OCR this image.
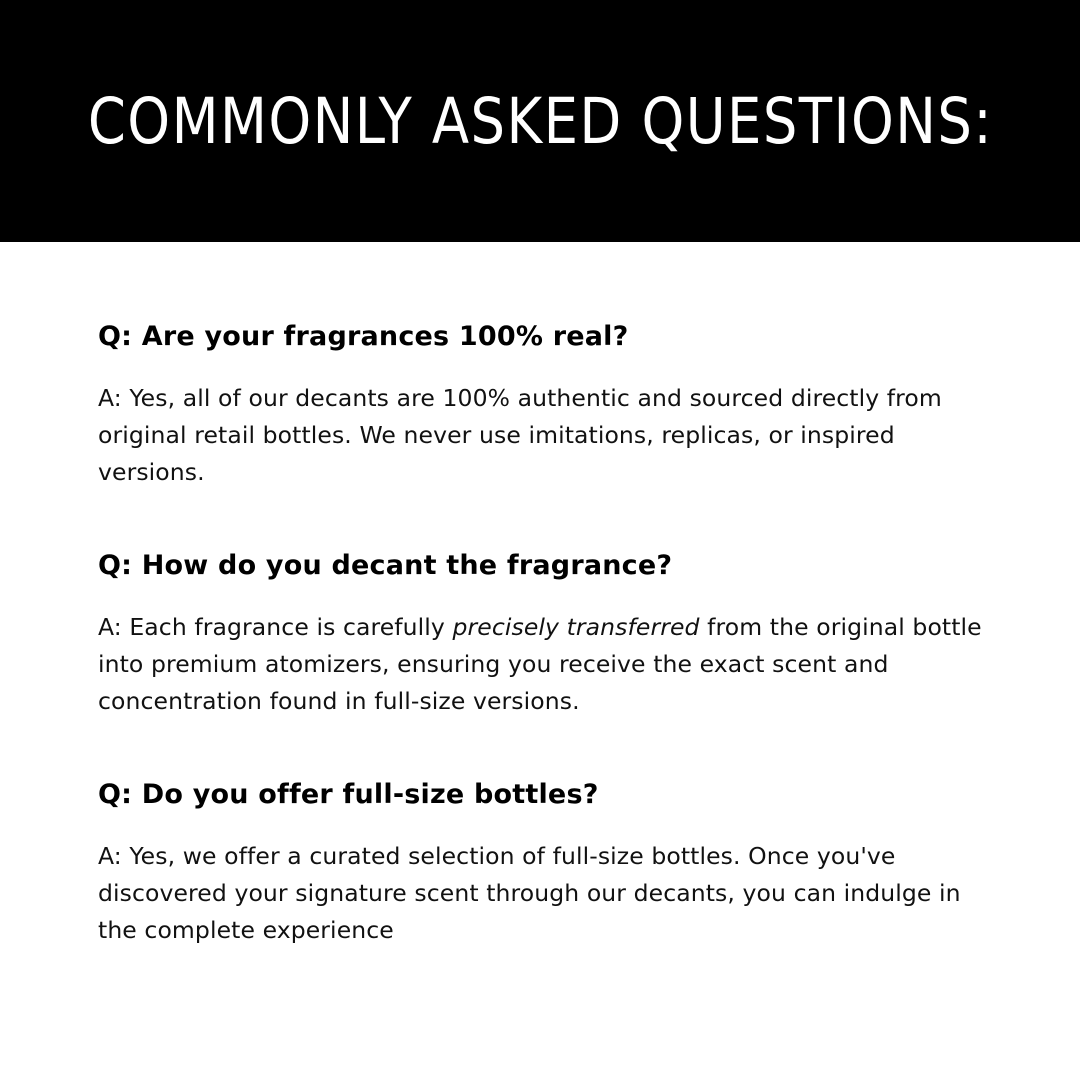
COMMONLY ASKED QUESTIONS:

Q: Are your fragrances 100% real?

A: Yes, all of our decants are 100% authentic and sourced directly from original retail bottles. We never use imitations, replicas, or inspired versions.

Q: How do you decant the fragrance?

A: Each fragrance is carefully precisely transferred from the original bottle into premium atomizers, ensuring you receive the exact scent and concentration found in full-size versions.

Q: Do you offer full-size bottles?

A: Yes, we offer a curated selection of full-size bottles. Once you've discovered your signature scent through our decants, you can indulge in the complete experience
